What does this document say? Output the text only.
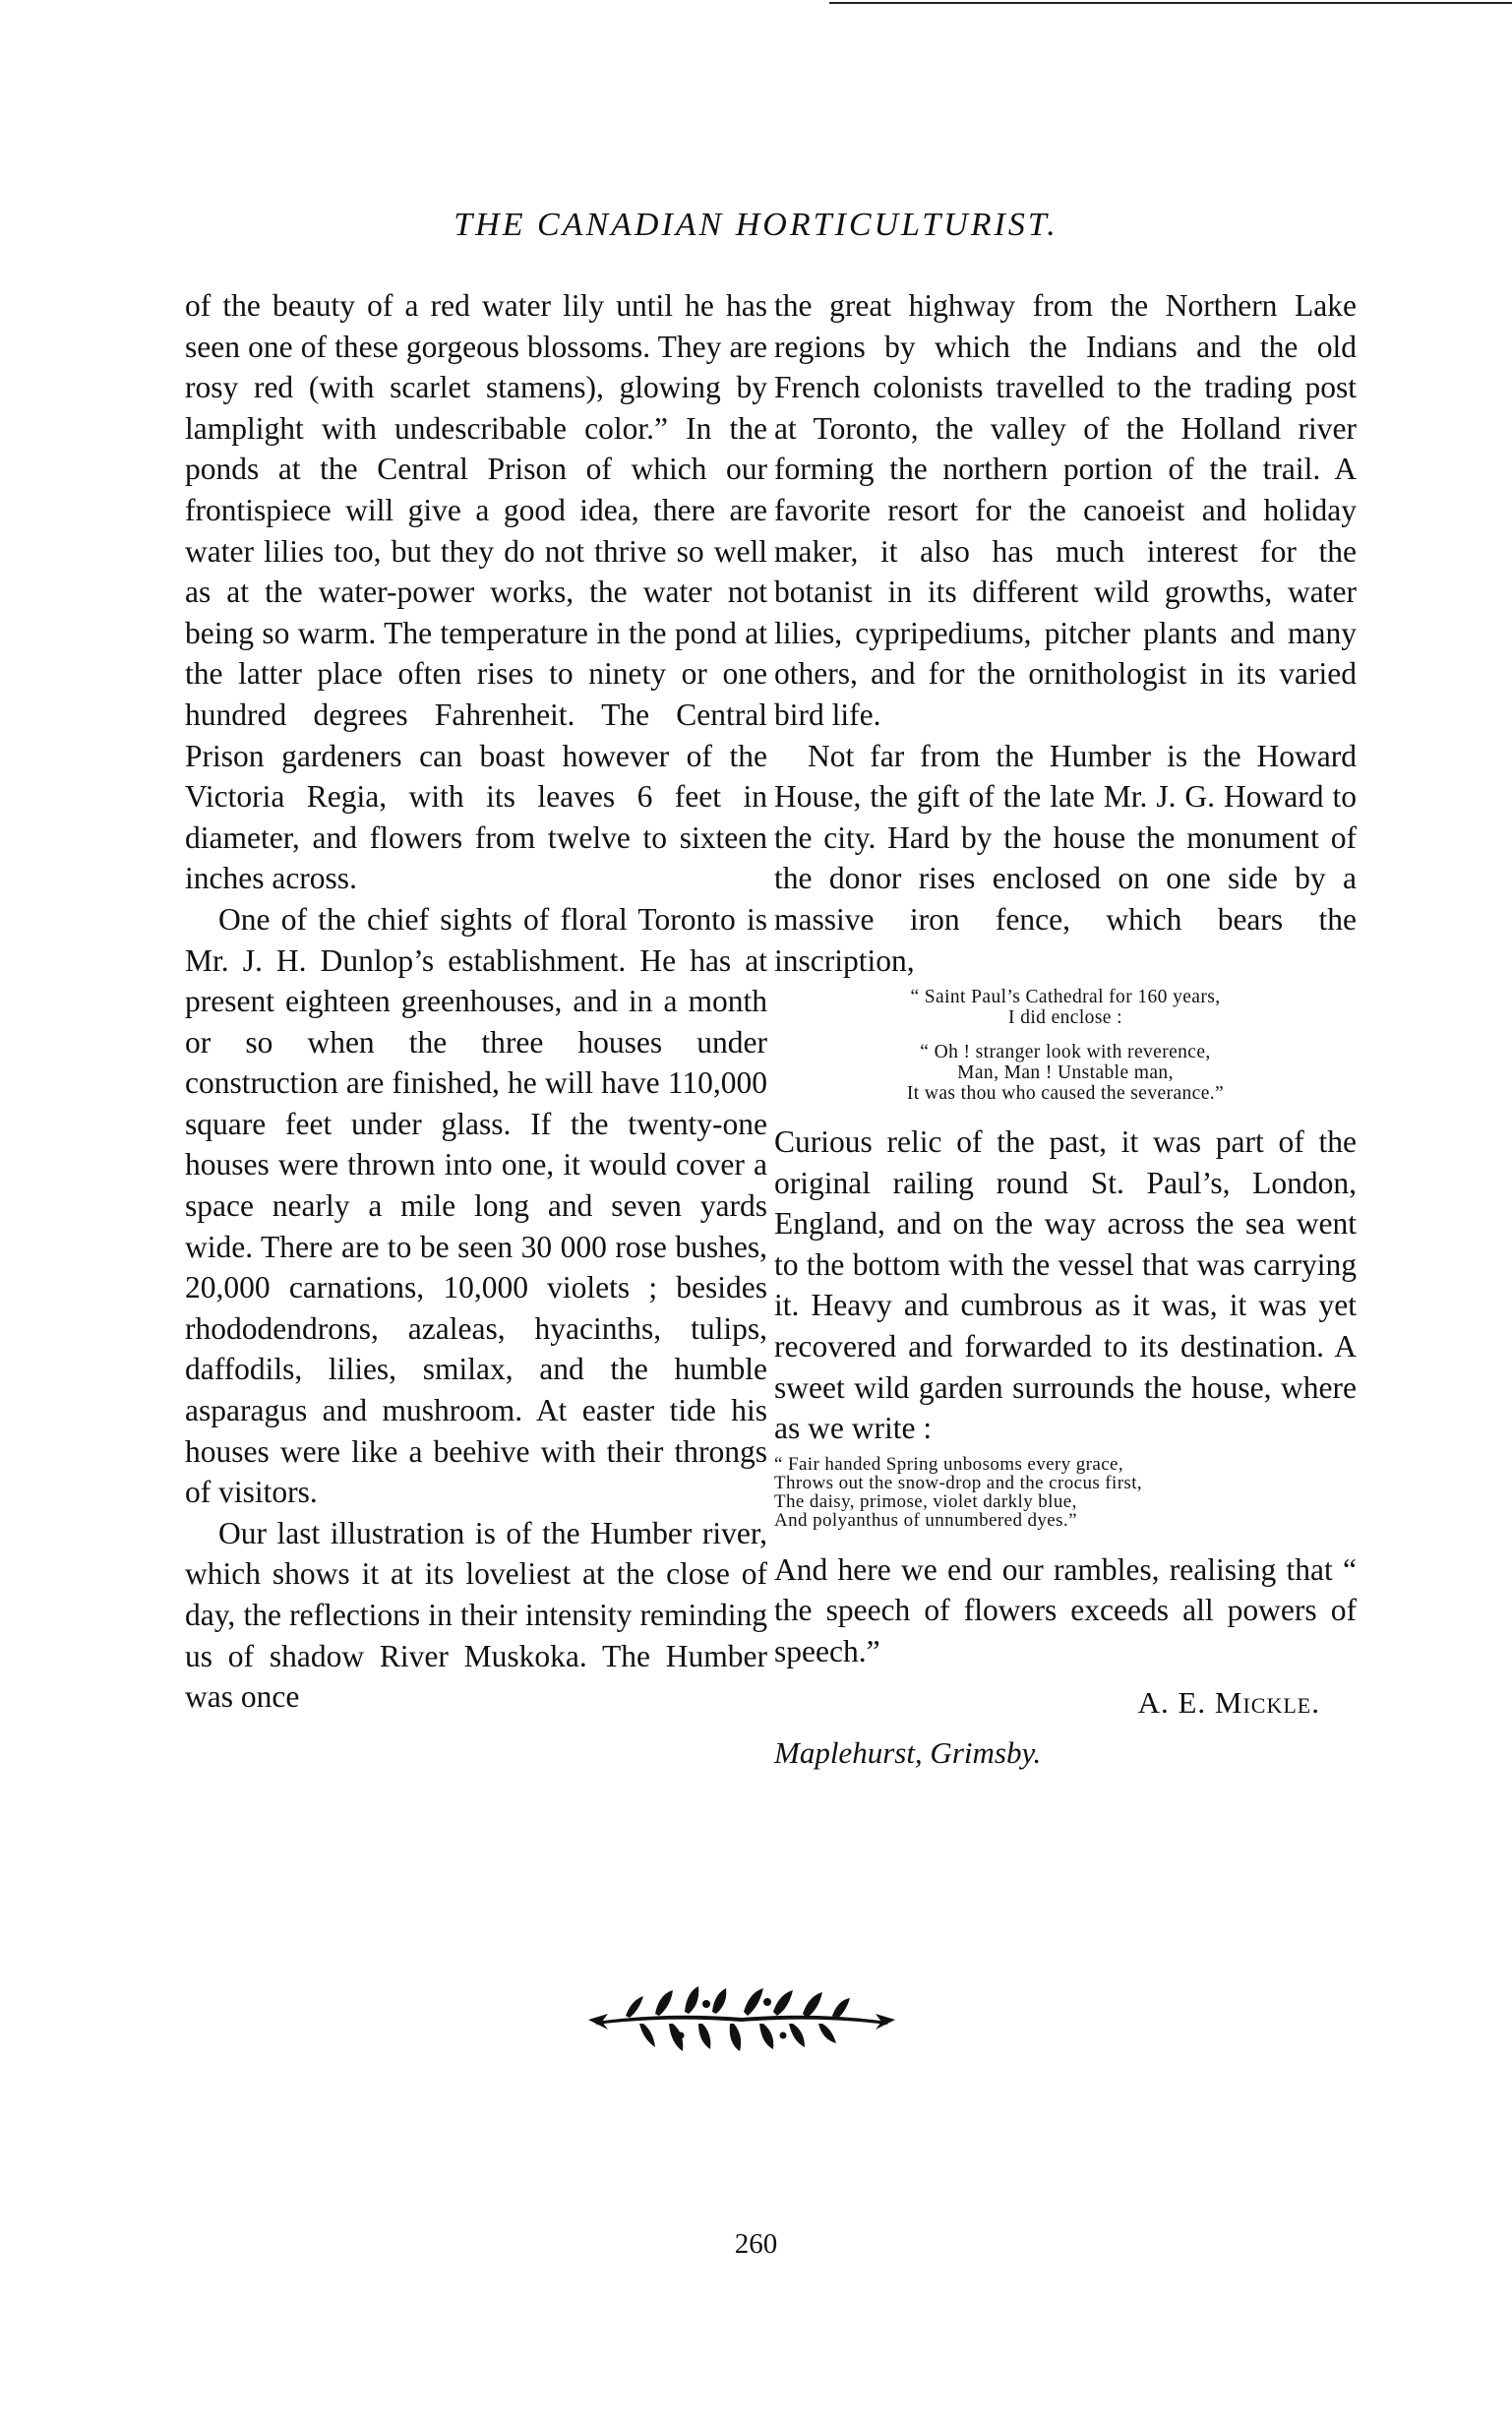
THE CANADIAN HORTICULTURIST.

of the beauty of a red water lily until he has seen one of these gorgeous blossoms. They are rosy red (with scarlet stamens), glowing by lamplight with undescribable color.” In the ponds at the Central Prison of which our frontispiece will give a good idea, there are water lilies too, but they do not thrive so well as at the water-power works, the water not being so warm. The temperature in the pond at the latter place often rises to ninety or one hundred degrees Fahrenheit. The Central Prison gardeners can boast however of the Victoria Regia, with its leaves 6 feet in diameter, and flowers from twelve to sixteen inches across.

One of the chief sights of floral Toronto is Mr. J. H. Dunlop’s establishment. He has at present eighteen greenhouses, and in a month or so when the three houses under construction are finished, he will have 110,000 square feet under glass. If the twenty-one houses were thrown into one, it would cover a space nearly a mile long and seven yards wide. There are to be seen 30 000 rose bushes, 20,000 carnations, 10,000 violets ; besides rhododendrons, azaleas, hyacinths, tulips, daffodils, lilies, smilax, and the humble asparagus and mushroom. At easter tide his houses were like a beehive with their throngs of visitors.

Our last illustration is of the Humber river, which shows it at its loveliest at the close of day, the reflections in their intensity reminding us of shadow River Muskoka. The Humber was once

the great highway from the Northern Lake regions by which the Indians and the old French colonists travelled to the trading post at Toronto, the valley of the Holland river forming the northern portion of the trail. A favorite resort for the canoeist and holiday maker, it also has much interest for the botanist in its different wild growths, water lilies, cypripediums, pitcher plants and many others, and for the ornithologist in its varied bird life.

Not far from the Humber is the Howard House, the gift of the late Mr. J. G. Howard to the city. Hard by the house the monument of the donor rises enclosed on one side by a massive iron fence, which bears the inscription,

“ Saint Paul’s Cathedral for 160 years,
I did enclose :
“ Oh ! stranger look with reverence,
Man, Man ! Unstable man,
It was thou who caused the severance.”

Curious relic of the past, it was part of the original railing round St. Paul’s, London, England, and on the way across the sea went to the bottom with the vessel that was carrying it. Heavy and cumbrous as it was, it was yet recovered and forwarded to its destination. A sweet wild garden surrounds the house, where as we write :

“ Fair handed Spring unbosoms every grace,
Throws out the snow-drop and the crocus first,
The daisy, primose, violet darkly blue,
And polyanthus of unnumbered dyes.”

And here we end our rambles, realising that “ the speech of flowers exceeds all powers of speech.”

A. E. Mickle.
Maplehurst, Grimsby.
260
